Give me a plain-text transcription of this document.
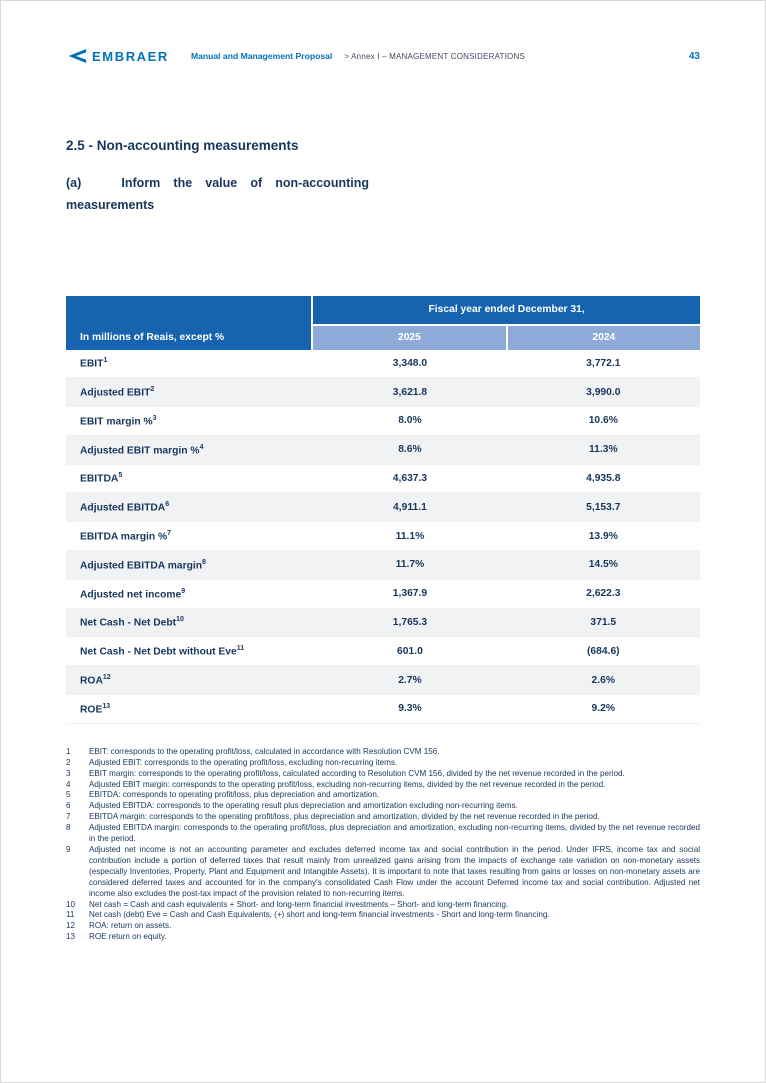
EMBRAER	Manual and Management Proposal > Annex I – MANAGEMENT CONSIDERATIONS	43
2.5 - Non-accounting measurements

(a)	Inform the value of non-accounting measurements

In millions of Reais, except %
Fiscal year ended December 31,
2025	2024
EBIT$^1$	3,348.0	3,772.1
Adjusted EBIT$^2$	3,621.8	3,990.0
EBIT margin %$^3$	8.0%	10.6%
Adjusted EBIT margin %$^4$	8.6%	11.3%
EBITDA$^5$	4,637.3	4,935.8
Adjusted EBITDA$^6$	4,911.1	5,153.7
EBITDA margin %$^7$	11.1%	13.9%
Adjusted EBITDA margin$^8$	11.7%	14.5%
Adjusted net income$^9$	1,367.9	2,622.3
Net Cash - Net Debt$^{10}$	1,765.3	371.5
Net Cash - Net Debt without Eve$^{11}$	601.0	(684.6)
ROA$^{12}$	2.7%	2.6%
ROE$^{13}$	9.3%	9.2%
1	EBIT: corresponds to the operating profit/loss, calculated in accordance with Resolution CVM 156.
2	Adjusted EBIT: corresponds to the operating profit/loss, excluding non-recurring items.
3	EBIT margin: corresponds to the operating profit/loss, calculated according to Resolution CVM 156, divided by the net revenue recorded in the period.
4	Adjusted EBIT margin: corresponds to the operating profit/loss, excluding non-recurring items, divided by the net revenue recorded in the period.
5	EBITDA: corresponds to operating profit/loss, plus depreciation and amortization.
6	Adjusted EBITDA: corresponds to the operating result plus depreciation and amortization excluding non-recurring items.
7	EBITDA margin: corresponds to the operating profit/loss, plus depreciation and amortization, divided by the net revenue recorded in the period.
8	Adjusted EBITDA margin: corresponds to the operating profit/loss, plus depreciation and amortization, excluding non-recurring items, divided by the net revenue recorded in the period.
9	Adjusted net income is not an accounting parameter and excludes deferred income tax and social contribution in the period. Under IFRS, income tax and social contribution include a portion of deferred taxes that result mainly from unrealized gains arising from the impacts of exchange rate variation on non-monetary assets (especially Inventories, Property, Plant and Equipment and Intangible Assets). It is important to note that taxes resulting from gains or losses on non-monetary assets are considered deferred taxes and accounted for in the company's consolidated Cash Flow under the account Deferred income tax and social contribution. Adjusted net income also excludes the post-tax impact of the provision related to non-recurring items.
10	Net cash = Cash and cash equivalents + Short- and long-term financial investments – Short- and long-term financing.
11	Net cash (debt) Eve = Cash and Cash Equivalents, (+) short and long-term financial investments - Short and long-term financing.
12	ROA: return on assets.
13	ROE return on equity.
